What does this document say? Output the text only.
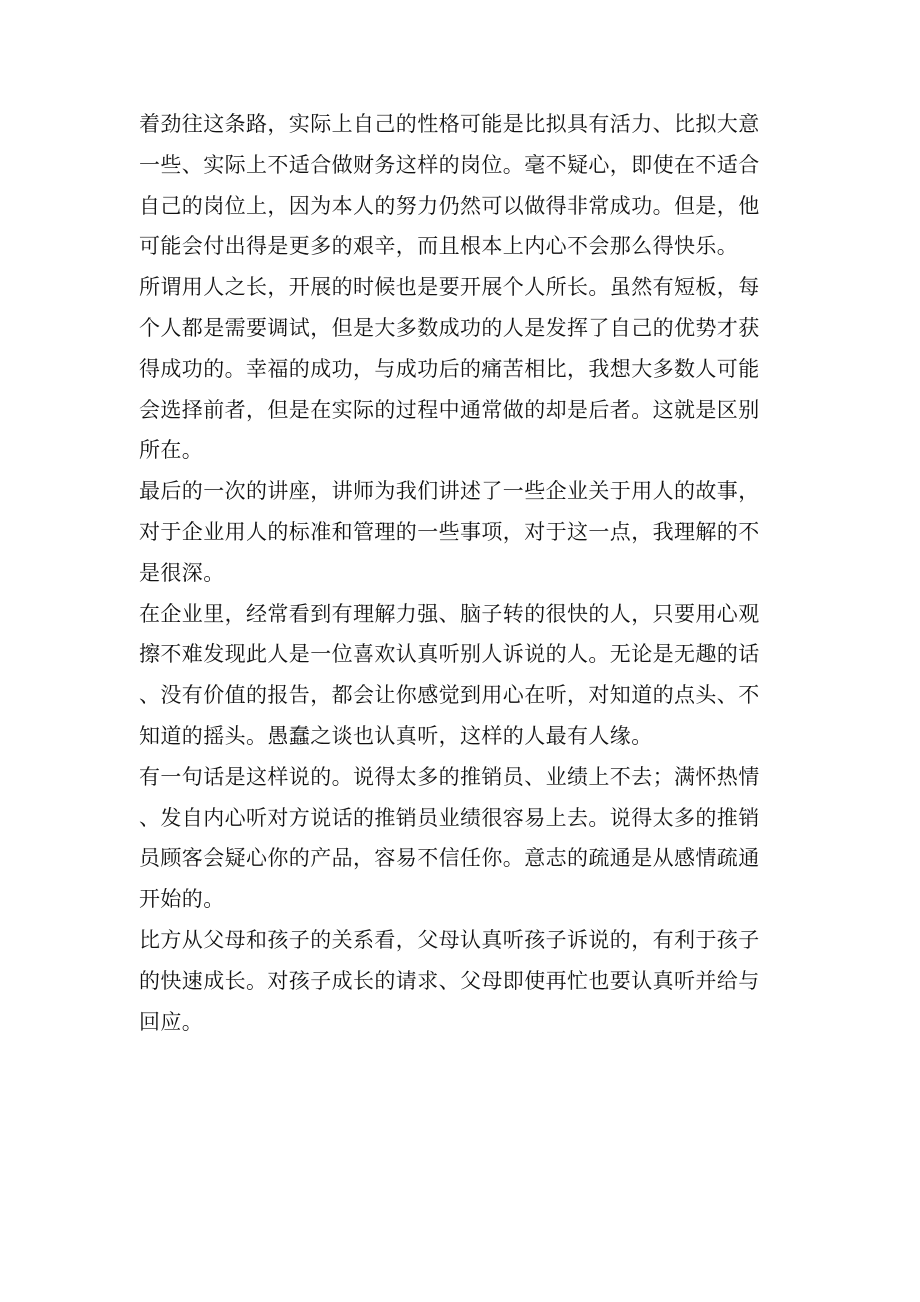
着劲往这条路，实际上自己的性格可能是比拟具有活力、比拟大意
一些、实际上不适合做财务这样的岗位。毫不疑心，即使在不适合
自己的岗位上，因为本人的努力仍然可以做得非常成功。但是，他
可能会付出得是更多的艰辛，而且根本上内心不会那么得快乐。
所谓用人之长，开展的时候也是要开展个人所长。虽然有短板，每
个人都是需要调试，但是大多数成功的人是发挥了自己的优势才获
得成功的。幸福的成功，与成功后的痛苦相比，我想大多数人可能
会选择前者，但是在实际的过程中通常做的却是后者。这就是区别
所在。
最后的一次的讲座，讲师为我们讲述了一些企业关于用人的故事，
对于企业用人的标准和管理的一些事项，对于这一点，我理解的不
是很深。
在企业里，经常看到有理解力强、脑子转的很快的人，只要用心观
擦不难发现此人是一位喜欢认真听别人诉说的人。无论是无趣的话
、没有价值的报告，都会让你感觉到用心在听，对知道的点头、不
知道的摇头。愚蠢之谈也认真听，这样的人最有人缘。
有一句话是这样说的。说得太多的推销员、业绩上不去；满怀热情
、发自内心听对方说话的推销员业绩很容易上去。说得太多的推销
员顾客会疑心你的产品，容易不信任你。意志的疏通是从感情疏通
开始的。
比方从父母和孩子的关系看，父母认真听孩子诉说的，有利于孩子
的快速成长。对孩子成长的请求、父母即使再忙也要认真听并给与
回应。
